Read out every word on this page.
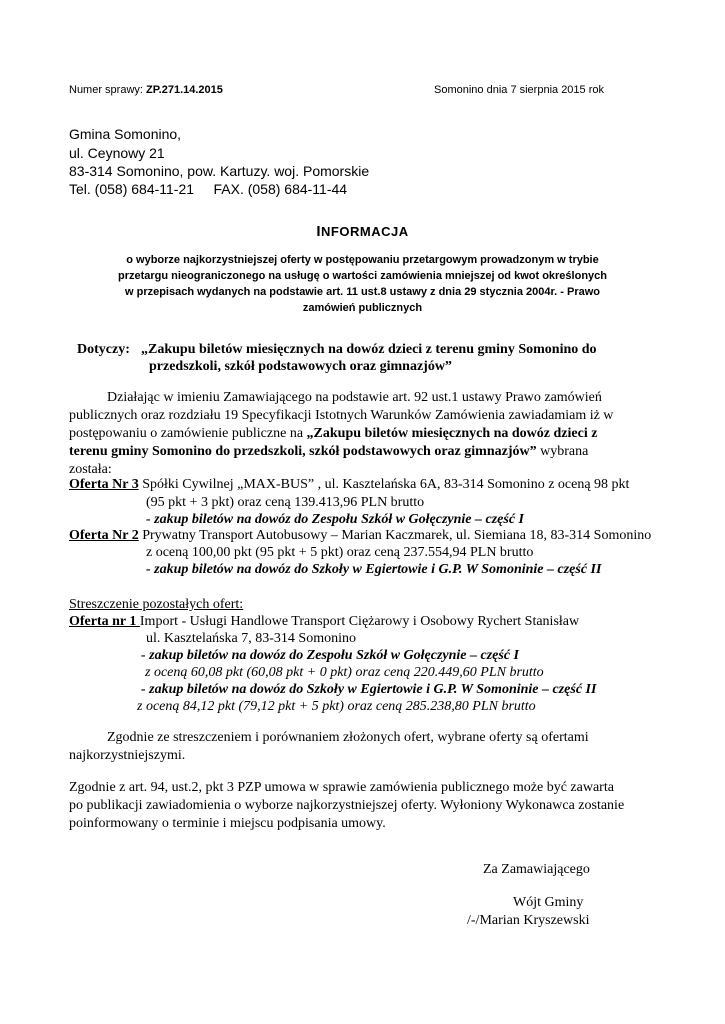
Numer sprawy: ZP.271.14.2015	Somonino dnia 7 sierpnia 2015 rok
Gmina Somonino,
ul. Ceynowy 21
83-314 Somonino, pow. Kartuzy. woj. Pomorskie
Tel. (058) 684-11-21     FAX. (058) 684-11-44
INFORMACJA
o wyborze najkorzystniejszej oferty w postępowaniu przetargowym prowadzonym w trybie
przetargu nieograniczonego na usługę o wartości zamówienia mniejszej od kwot określonych
w przepisach wydanych na podstawie art. 11 ust.8 ustawy z dnia 29 stycznia 2004r. - Prawo
zamówień publicznych
Dotyczy: „Zakupu biletów miesięcznych na dowóz dzieci z terenu gminy Somonino do
przedszkoli, szkół podstawowych oraz gimnazjów”
Działając w imieniu Zamawiającego na podstawie art. 92 ust.1 ustawy Prawo zamówień
publicznych oraz rozdziału 19 Specyfikacji Istotnych Warunków Zamówienia zawiadamiam iż w
postępowaniu o zamówienie publiczne na „Zakupu biletów miesięcznych na dowóz dzieci z
terenu gminy Somonino do przedszkoli, szkół podstawowych oraz gimnazjów” wybrana
została:
Oferta Nr 3 Spółki Cywilnej „MAX-BUS” , ul. Kasztelańska 6A, 83-314 Somonino z oceną 98 pkt
(95 pkt + 3 pkt) oraz ceną 139.413,96 PLN brutto
- zakup biletów na dowóz do Zespołu Szkół w Gołęczynie – część I
Oferta Nr 2 Prywatny Transport Autobusowy – Marian Kaczmarek, ul. Siemiana 18, 83-314 Somonino
z oceną 100,00 pkt (95 pkt + 5 pkt) oraz ceną 237.554,94 PLN brutto
- zakup biletów na dowóz do Szkoły w Egiertowie i G.P. W Somoninie – część II
Streszczenie pozostałych ofert:
Oferta nr 1 Import - Usługi Handlowe Transport Ciężarowy i Osobowy Rychert Stanisław
ul. Kasztelańska 7, 83-314 Somonino
- zakup biletów na dowóz do Zespołu Szkół w Gołęczynie – część I
z oceną 60,08 pkt (60,08 pkt + 0 pkt) oraz ceną 220.449,60 PLN brutto
- zakup biletów na dowóz do Szkoły w Egiertowie i G.P. W Somoninie – część II
z oceną 84,12 pkt (79,12 pkt + 5 pkt) oraz ceną 285.238,80 PLN brutto
Zgodnie ze streszczeniem i porównaniem złożonych ofert, wybrane oferty są ofertami
najkorzystniejszymi.
Zgodnie z art. 94, ust.2, pkt 3 PZP umowa w sprawie zamówienia publicznego może być zawarta
po publikacji zawiadomienia o wyborze najkorzystniejszej oferty. Wyłoniony Wykonawca zostanie
poinformowany o terminie i miejscu podpisania umowy.
Za Zamawiającego
Wójt Gminy
/-/Marian Kryszewski
